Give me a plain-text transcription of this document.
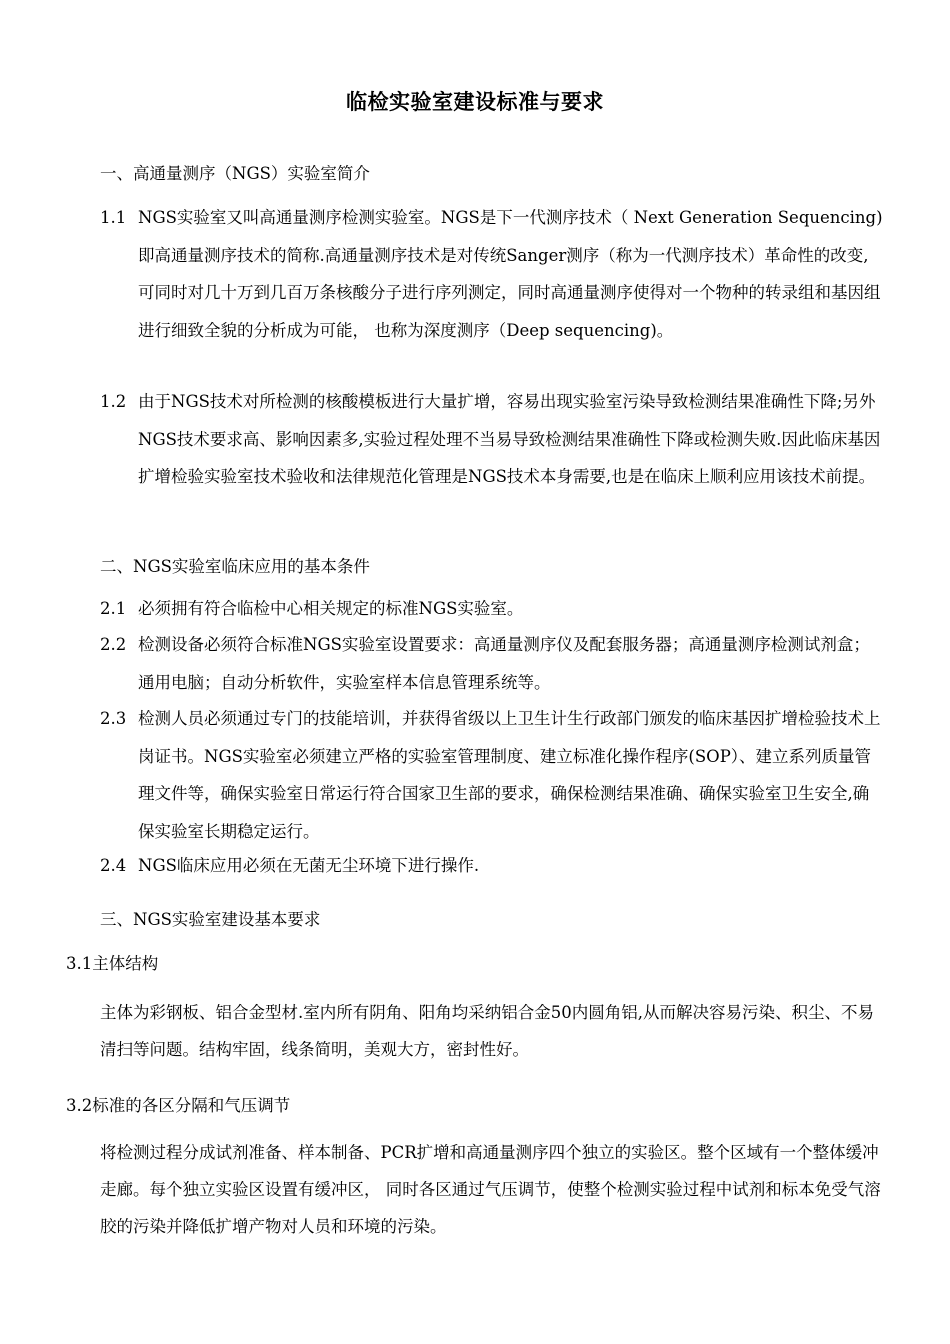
临检实验室建设标准与要求
一、高通量测序（NGS）实验室简介
1.1 NGS实验室又叫高通量测序检测实验室。NGS是下一代测序技术（ Next Generation Sequencing)即高通量测序技术的简称.高通量测序技术是对传统Sanger测序（称为一代测序技术）革命性的改变, 可同时对几十万到几百万条核酸分子进行序列测定，同时高通量测序使得对一个物种的转录组和基因组进行细致全貌的分析成为可能， 也称为深度测序（Deep sequencing)。
1.2 由于NGS技术对所检测的核酸模板进行大量扩增，容易出现实验室污染导致检测结果准确性下降;另外NGS技术要求高、影响因素多,实验过程处理不当易导致检测结果准确性下降或检测失败.因此临床基因扩增检验实验室技术验收和法律规范化管理是NGS技术本身需要,也是在临床上顺利应用该技术前提。
二、NGS实验室临床应用的基本条件
2.1 必须拥有符合临检中心相关规定的标准NGS实验室。
2.2 检测设备必须符合标准NGS实验室设置要求：高通量测序仪及配套服务器；高通量测序检测试剂盒；通用电脑；自动分析软件，实验室样本信息管理系统等。
2.3 检测人员必须通过专门的技能培训，并获得省级以上卫生计生行政部门颁发的临床基因扩增检验技术上岗证书。NGS实验室必须建立严格的实验室管理制度、建立标准化操作程序(SOP）、建立系列质量管理文件等，确保实验室日常运行符合国家卫生部的要求，确保检测结果准确、确保实验室卫生安全,确保实验室长期稳定运行。
2.4 NGS临床应用必须在无菌无尘环境下进行操作.
三、NGS实验室建设基本要求
3.1主体结构
主体为彩钢板、铝合金型材.室内所有阴角、阳角均采纳铝合金50内圆角铝,从而解决容易污染、积尘、不易清扫等问题。结构牢固，线条简明，美观大方，密封性好。
3.2标准的各区分隔和气压调节
将检测过程分成试剂准备、样本制备、PCR扩增和高通量测序四个独立的实验区。整个区域有一个整体缓冲走廊。每个独立实验区设置有缓冲区， 同时各区通过气压调节，使整个检测实验过程中试剂和标本免受气溶胶的污染并降低扩增产物对人员和环境的污染。
